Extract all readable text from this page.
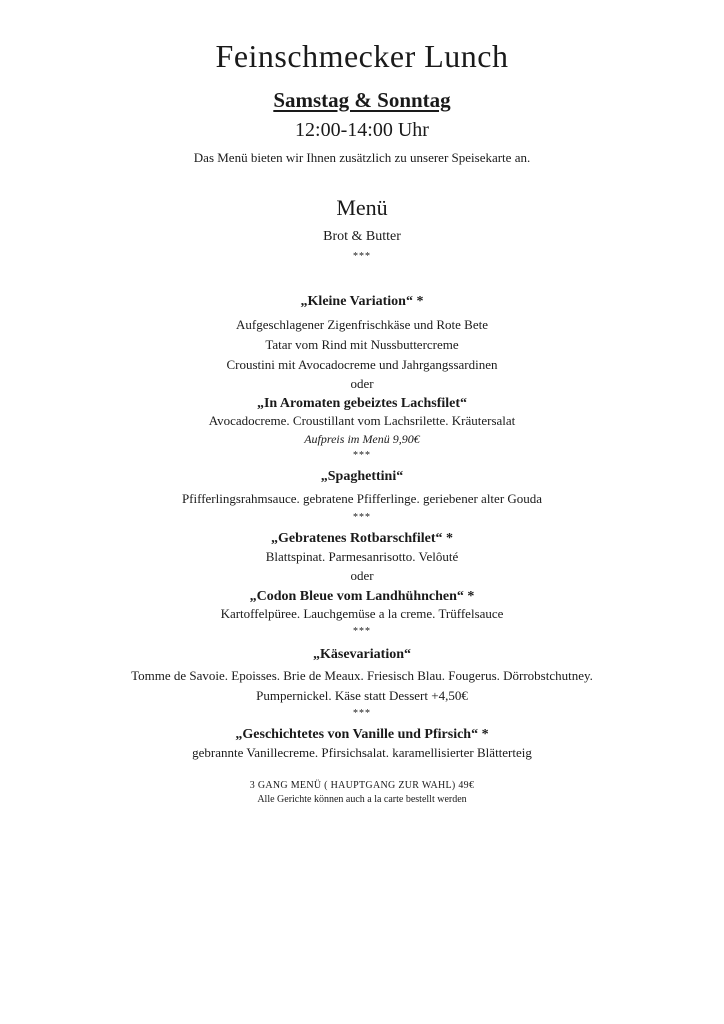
Feinschmecker Lunch
Samstag & Sonntag
12:00-14:00 Uhr
Das Menü bieten wir Ihnen zusätzlich zu unserer Speisekarte an.
Menü
Brot & Butter
***
„Kleine Variation“ *
Aufgeschlagener Zigenfrischkäse und Rote Bete
Tatar vom Rind mit Nussbuttercreme
Croustini mit Avocadocreme und Jahrgangssardinen
oder
„In Aromaten gebeiztes Lachsfilet“
Avocadocreme. Croustillant vom Lachsrilette. Kräutersalat
Aufpreis im Menü 9,90€
***
„Spaghettini“
Pfifferlingsrahmsauce. gebratene Pfifferlinge. geriebener alter Gouda
***
„Gebratenes Rotbarschfilet“ *
Blattspinat. Parmesanrisotto. Velôuté
oder
„Codon Bleue vom Landhühnchen“ *
Kartoffelpüree. Lauchgemüse a la creme. Trüffelsauce
***
„Käsevariation“
Tomme de Savoie. Epoisses. Brie de Meaux. Friesisch Blau. Fougerus. Dörrobstchutney.
Pumpernickel. Käse statt Dessert +4,50€
***
„Geschichtetes von Vanille und Pfirsich“ *
gebrannte Vanillecreme. Pfirsichsalat. karamellisierter Blätterteig
3 GANG MENÜ ( HAUPTGANG ZUR WAHL) 49€
Alle Gerichte können auch a la carte bestellt werden
